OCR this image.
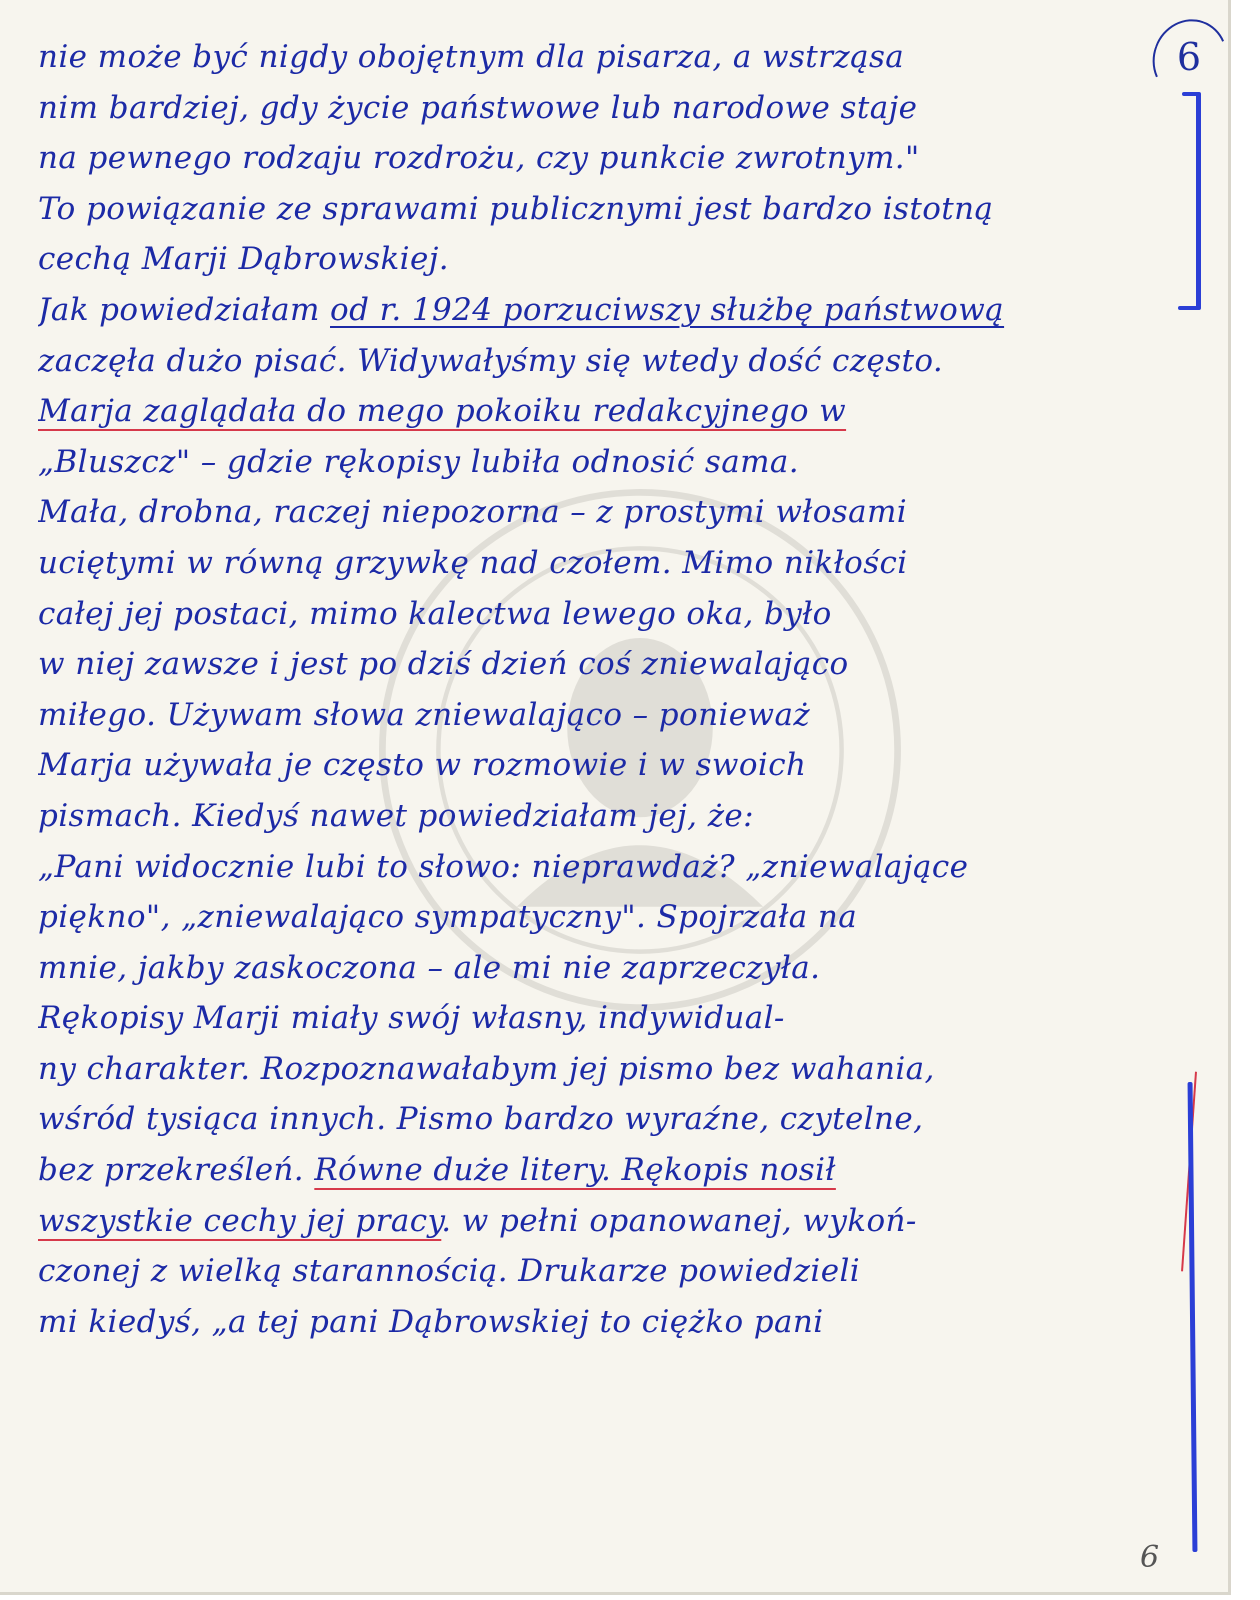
6
nie może być nigdy obojętnym dla pisarza, a wstrząsa
nim bardziej, gdy życie państwowe lub narodowe staje
na pewnego rodzaju rozdrożu, czy punkcie zwrotnym."
To powiązanie ze sprawami publicznymi jest bardzo istotną
cechą Marji Dąbrowskiej.
Jak powiedziałam od r. 1924 porzuciwszy służbę państwową
zaczęła dużo pisać. Widywałyśmy się wtedy dość często.
Marja zaglądała do mego pokoiku redakcyjnego w
„Bluszcz" – gdzie rękopisy lubiła odnosić sama.
Mała, drobna, raczej niepozorna – z prostymi włosami
uciętymi w równą grzywkę nad czołem. Mimo nikłości
całej jej postaci, mimo kalectwa lewego oka, było
w niej zawsze i jest po dziś dzień coś zniewalająco
miłego. Używam słowa zniewalająco – ponieważ
Marja używała je często w rozmowie i w swoich
pismach. Kiedyś nawet powiedziałam jej, że:
„Pani widocznie lubi to słowo: nieprawdaż? „zniewalające
piękno", „zniewalająco sympatyczny". Spojrzała na
mnie, jakby zaskoczona – ale mi nie zaprzeczyła.
Rękopisy Marji miały swój własny, indywidual-
ny charakter. Rozpoznawałabym jej pismo bez wahania,
wśród tysiąca innych. Pismo bardzo wyraźne, czytelne,
bez przekreśleń. Równe duże litery. Rękopis nosił
wszystkie cechy jej pracy. w pełni opanowanej, wykoń-
czonej z wielką starannością. Drukarze powiedzieli
mi kiedyś, „a tej pani Dąbrowskiej to ciężko pani
6
